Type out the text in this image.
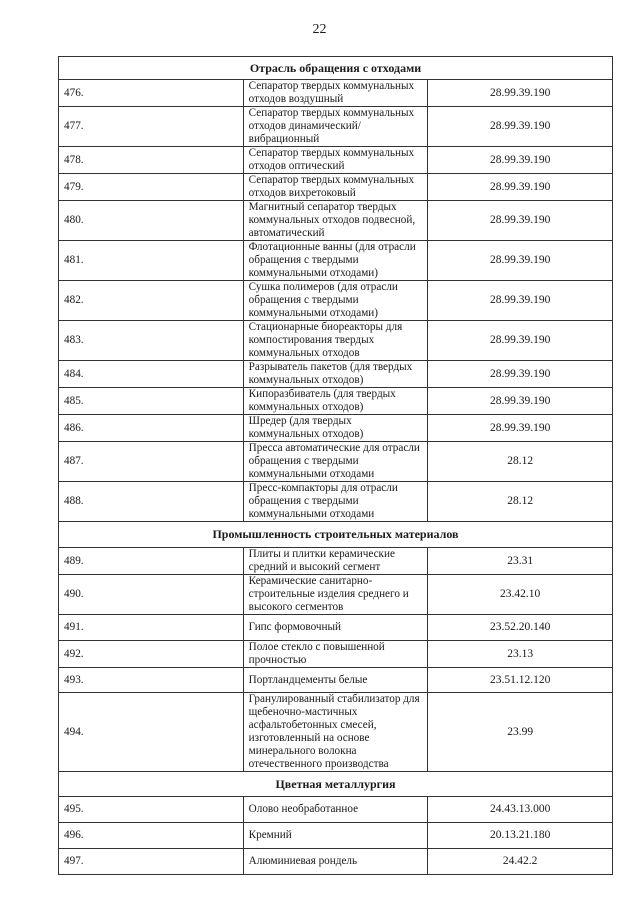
22
Отрасль обращения с отходами		
476.	Сепаратор твердых коммунальных отходов воздушный	28.99.39.190
477.	Сепаратор твердых коммунальных отходов динамический/вибрационный	28.99.39.190
478.	Сепаратор твердых коммунальных отходов оптический	28.99.39.190
479.	Сепаратор твердых коммунальных отходов вихретоковый	28.99.39.190
480.	Магнитный сепаратор твердых коммунальных отходов подвесной, автоматический	28.99.39.190
481.	Флотационные ванны (для отрасли обращения с твердыми коммунальными отходами)	28.99.39.190
482.	Сушка полимеров (для отрасли обращения с твердыми коммунальными отходами)	28.99.39.190
483.	Стационарные биореакторы для компостирования твердых коммунальных отходов	28.99.39.190
484.	Разрыватель пакетов (для твердых коммунальных отходов)	28.99.39.190
485.	Кипоразбиватель (для твердых коммунальных отходов)	28.99.39.190
486.	Шредер (для твердых коммунальных отходов)	28.99.39.190
487.	Пресса автоматические для отрасли обращения с твердыми коммунальными отходами	28.12
488.	Пресс-компакторы для отрасли обращения с твердыми коммунальными отходами	28.12
Промышленность строительных материалов		
489.	Плиты и плитки керамические средний и высокий сегмент	23.31
490.	Керамические санитарно-строительные изделия среднего и высокого сегментов	23.42.10
491.	Гипс формовочный	23.52.20.140
492.	Полое стекло с повышенной прочностью	23.13
493.	Портландцементы белые	23.51.12.120
494.	Гранулированный стабилизатор для щебеночно-мастичных асфальтобетонных смесей, изготовленный на основе минерального волокна отечественного производства	23.99
Цветная металлургия		
495.	Олово необработанное	24.43.13.000
496.	Кремний	20.13.21.180
497.	Алюминиевая рондель	24.42.2
